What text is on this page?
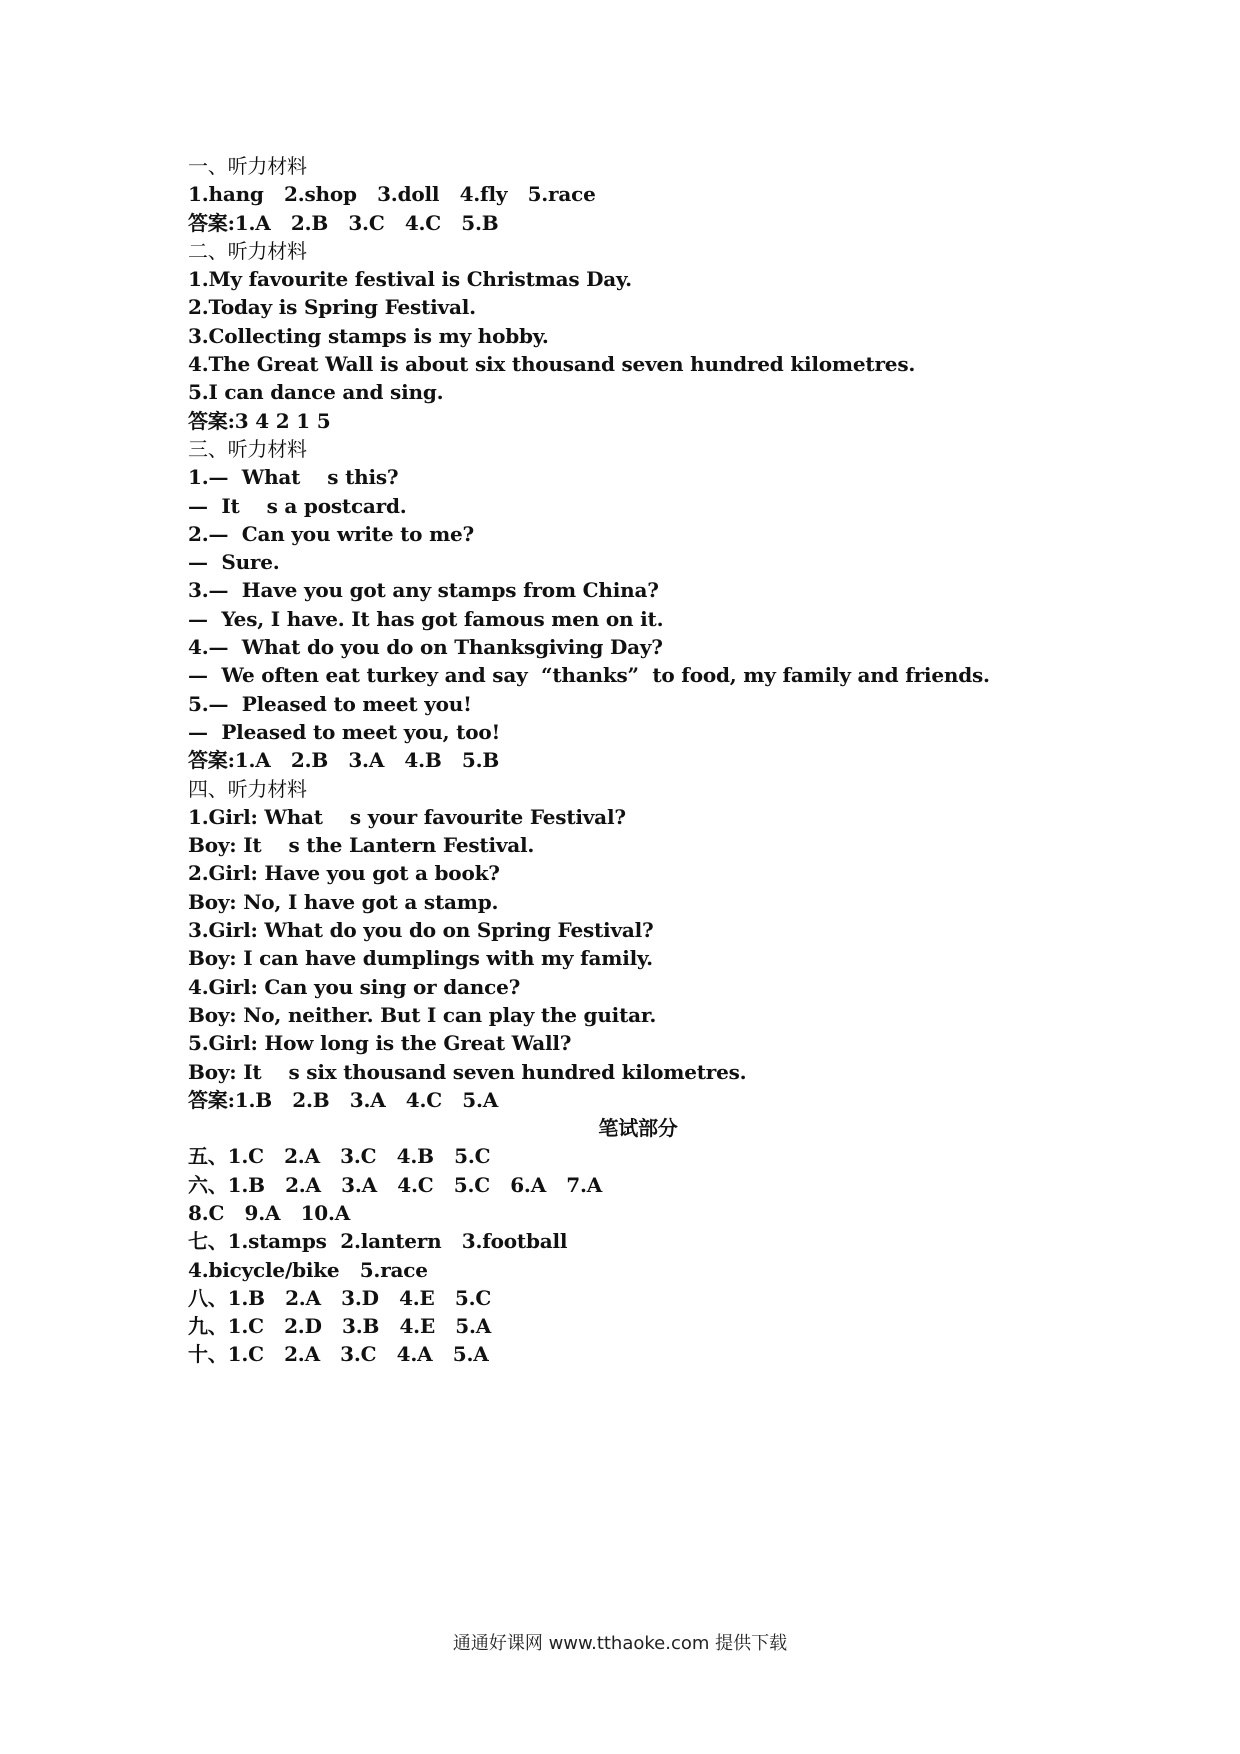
一、听力材料
1.hang   2.shop   3.doll   4.fly   5.race
答案:1.A   2.B   3.C   4.C   5.B
二、听力材料
1.My favourite festival is Christmas Day.
2.Today is Spring Festival.
3.Collecting stamps is my hobby.
4.The Great Wall is about six thousand seven hundred kilometres.
5.I can dance and sing.
答案:3 4 2 1 5
三、听力材料
1.—  What    s this?
—  It    s a postcard.
2.—  Can you write to me?
—  Sure.
3.—  Have you got any stamps from China?
—  Yes, I have. It has got famous men on it.
4.—  What do you do on Thanksgiving Day?
—  We often eat turkey and say  “thanks”  to food, my family and friends.
5.—  Pleased to meet you!
—  Pleased to meet you, too!
答案:1.A   2.B   3.A   4.B   5.B
四、听力材料
1.Girl: What    s your favourite Festival?
Boy: It    s the Lantern Festival.
2.Girl: Have you got a book?
Boy: No, I have got a stamp.
3.Girl: What do you do on Spring Festival?
Boy: I can have dumplings with my family.
4.Girl: Can you sing or dance?
Boy: No, neither. But I can play the guitar.
5.Girl: How long is the Great Wall?
Boy: It    s six thousand seven hundred kilometres.
答案:1.B   2.B   3.A   4.C   5.A
笔试部分
五、1.C   2.A   3.C   4.B   5.C
六、1.B   2.A   3.A   4.C   5.C   6.A   7.A
8.C   9.A   10.A
七、1.stamps  2.lantern   3.football
4.bicycle/bike   5.race
八、1.B   2.A   3.D   4.E   5.C
九、1.C   2.D   3.B   4.E   5.A
十、1.C   2.A   3.C   4.A   5.A
通通好课网 www.tthaoke.com 提供下载
